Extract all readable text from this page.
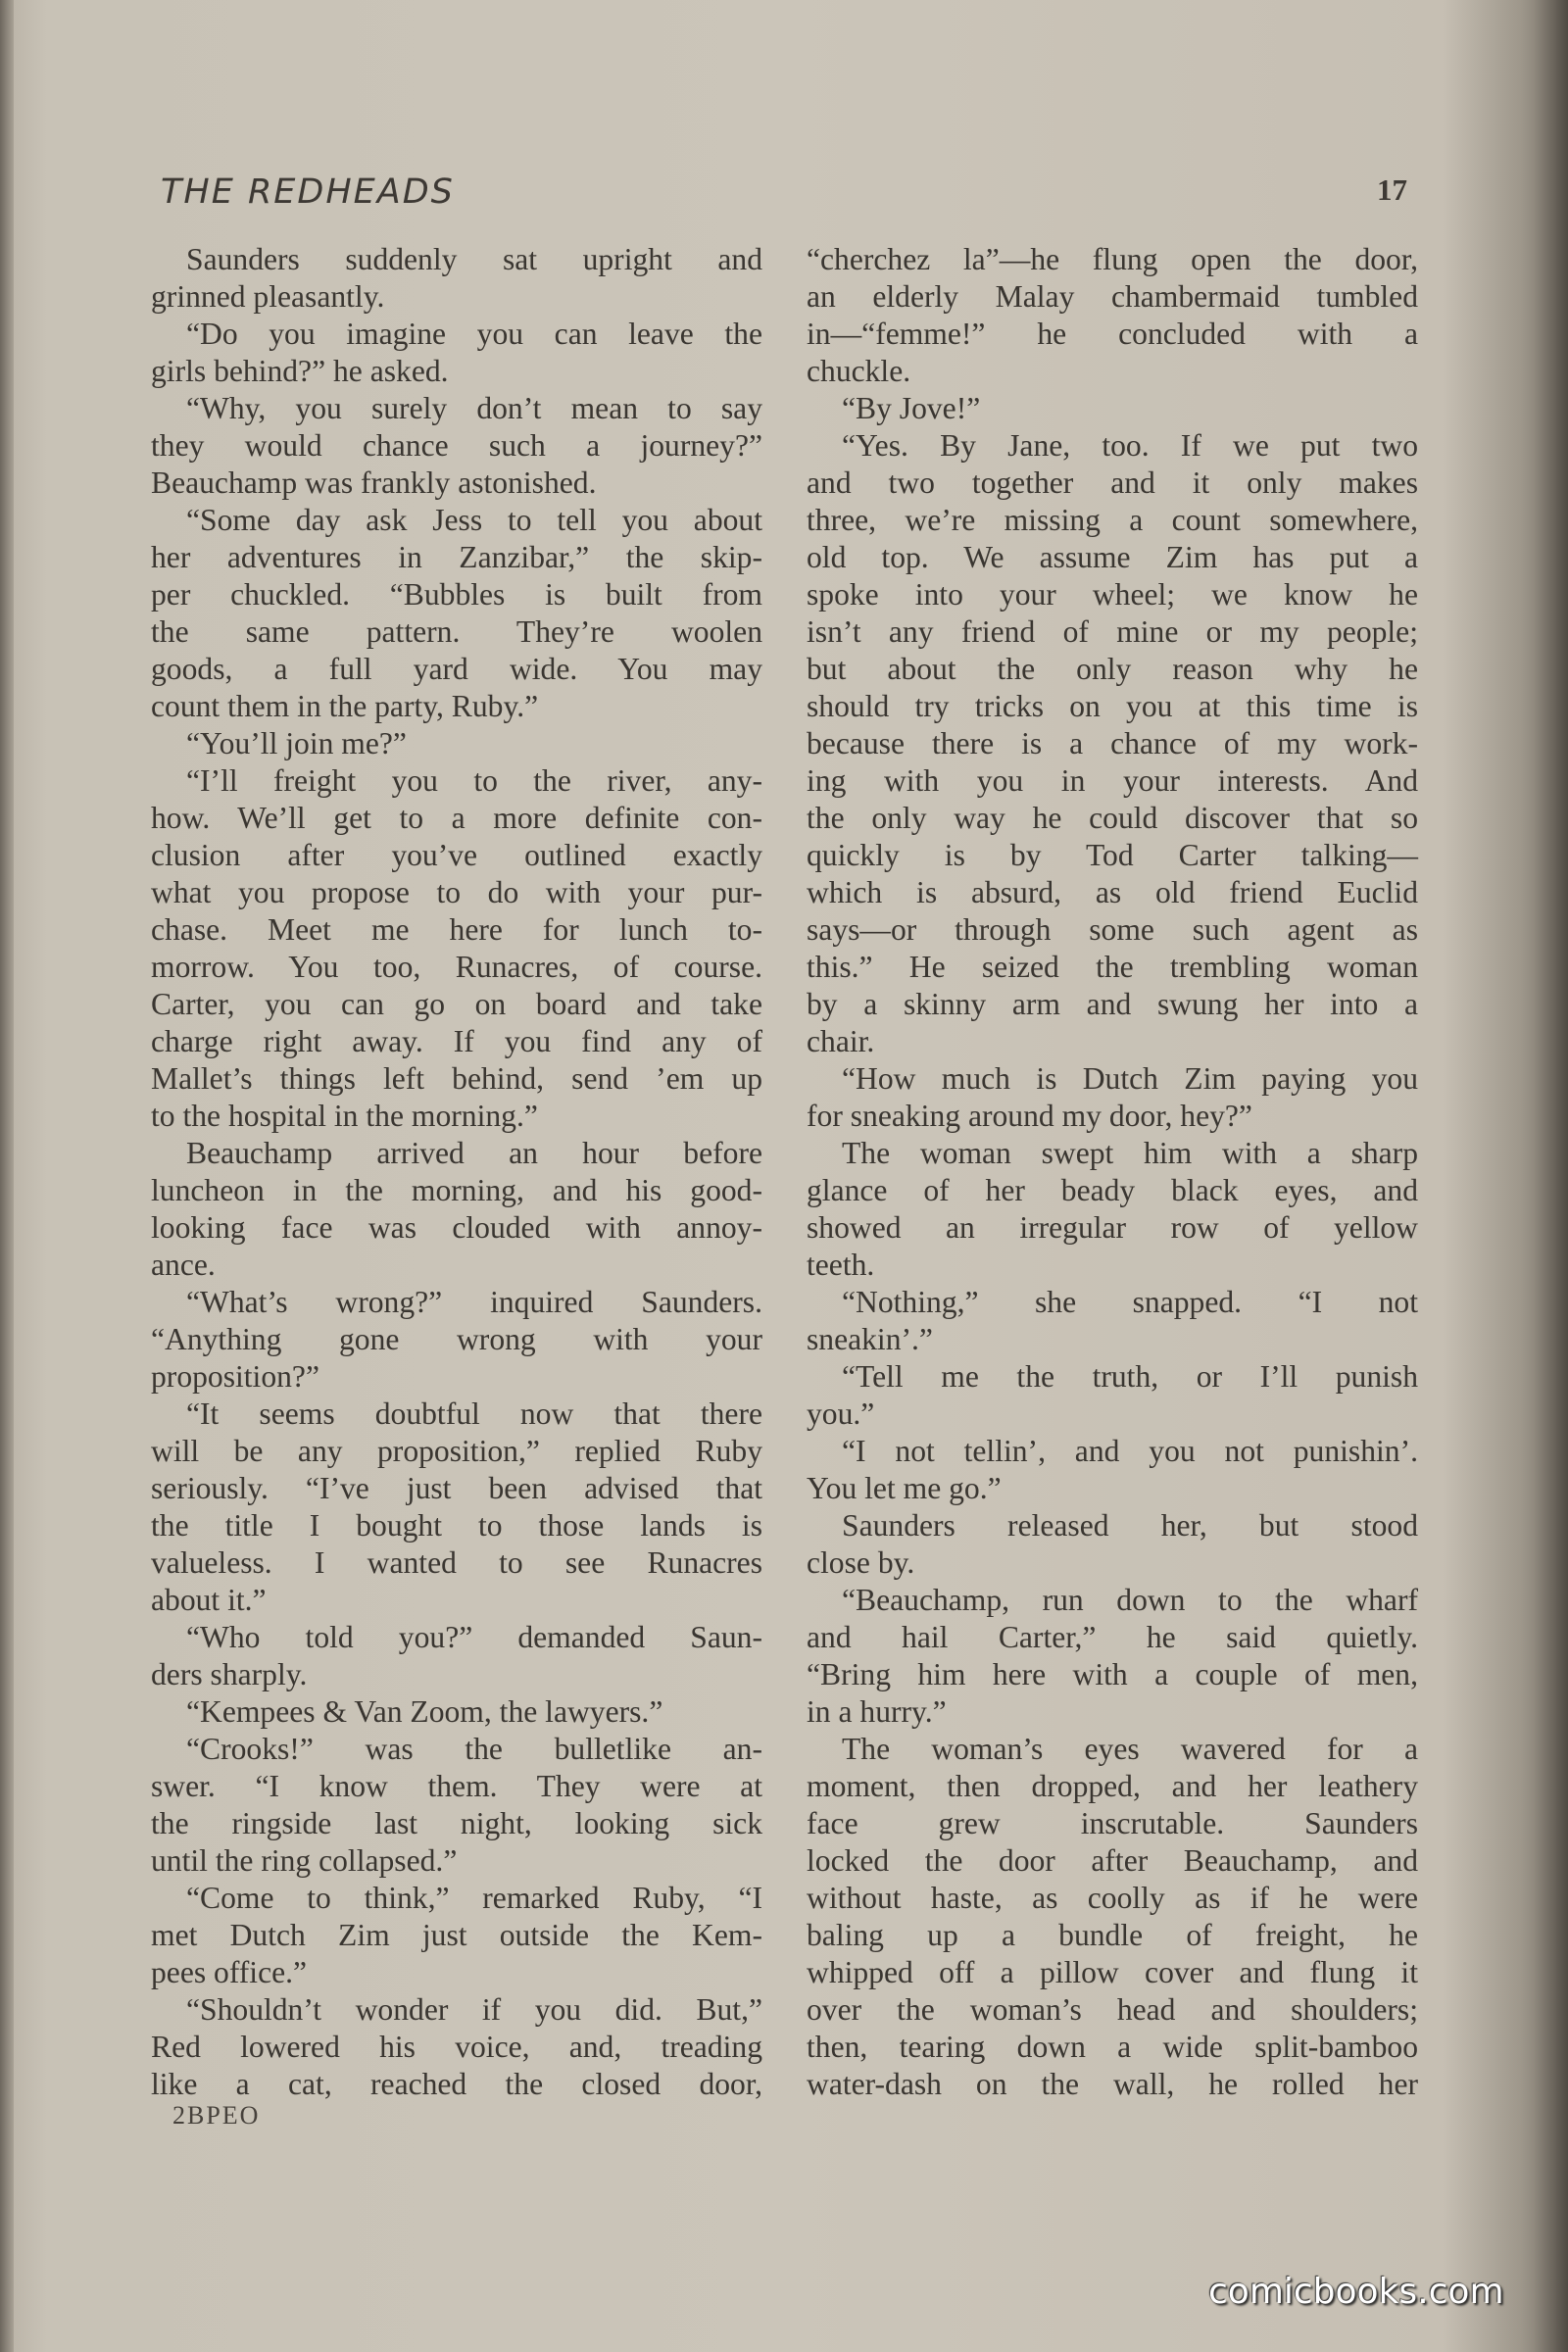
THE REDHEADS	17
Saunders suddenly sat upright and
grinned pleasantly.
“Do you imagine you can leave the
girls behind?” he asked.
“Why, you surely don’t mean to say
they would chance such a journey?”
Beauchamp was frankly astonished.
“Some day ask Jess to tell you about
her adventures in Zanzibar,” the skip-
per chuckled. “Bubbles is built from
the same pattern. They’re woolen
goods, a full yard wide. You may
count them in the party, Ruby.”
“You’ll join me?”
“I’ll freight you to the river, any-
how. We’ll get to a more definite con-
clusion after you’ve outlined exactly
what you propose to do with your pur-
chase. Meet me here for lunch to-
morrow. You too, Runacres, of course.
Carter, you can go on board and take
charge right away. If you find any of
Mallet’s things left behind, send ’em up
to the hospital in the morning.”
Beauchamp arrived an hour before
luncheon in the morning, and his good-
looking face was clouded with annoy-
ance.
“What’s wrong?” inquired Saunders.
“Anything gone wrong with your
proposition?”
“It seems doubtful now that there
will be any proposition,” replied Ruby
seriously. “I’ve just been advised that
the title I bought to those lands is
valueless. I wanted to see Runacres
about it.”
“Who told you?” demanded Saun-
ders sharply.
“Kempees & Van Zoom, the lawyers.”
“Crooks!” was the bulletlike an-
swer. “I know them. They were at
the ringside last night, looking sick
until the ring collapsed.”
“Come to think,” remarked Ruby, “I
met Dutch Zim just outside the Kem-
pees office.”
“Shouldn’t wonder if you did. But,”
Red lowered his voice, and, treading
like a cat, reached the closed door,
“cherchez la”—he flung open the door,
an elderly Malay chambermaid tumbled
in—“femme!” he concluded with a
chuckle.
“By Jove!”
“Yes. By Jane, too. If we put two
and two together and it only makes
three, we’re missing a count somewhere,
old top. We assume Zim has put a
spoke into your wheel; we know he
isn’t any friend of mine or my people;
but about the only reason why he
should try tricks on you at this time is
because there is a chance of my work-
ing with you in your interests. And
the only way he could discover that so
quickly is by Tod Carter talking—
which is absurd, as old friend Euclid
says—or through some such agent as
this.” He seized the trembling woman
by a skinny arm and swung her into a
chair.
“How much is Dutch Zim paying you
for sneaking around my door, hey?”
The woman swept him with a sharp
glance of her beady black eyes, and
showed an irregular row of yellow
teeth.
“Nothing,” she snapped. “I not
sneakin’.”
“Tell me the truth, or I’ll punish
you.”
“I not tellin’, and you not punishin’.
You let me go.”
Saunders released her, but stood
close by.
“Beauchamp, run down to the wharf
and hail Carter,” he said quietly.
“Bring him here with a couple of men,
in a hurry.”
The woman’s eyes wavered for a
moment, then dropped, and her leathery
face grew inscrutable. Saunders
locked the door after Beauchamp, and
without haste, as coolly as if he were
baling up a bundle of freight, he
whipped off a pillow cover and flung it
over the woman’s head and shoulders;
then, tearing down a wide split-bamboo
water-dash on the wall, he rolled her
2BPEO
comicbooks.com
